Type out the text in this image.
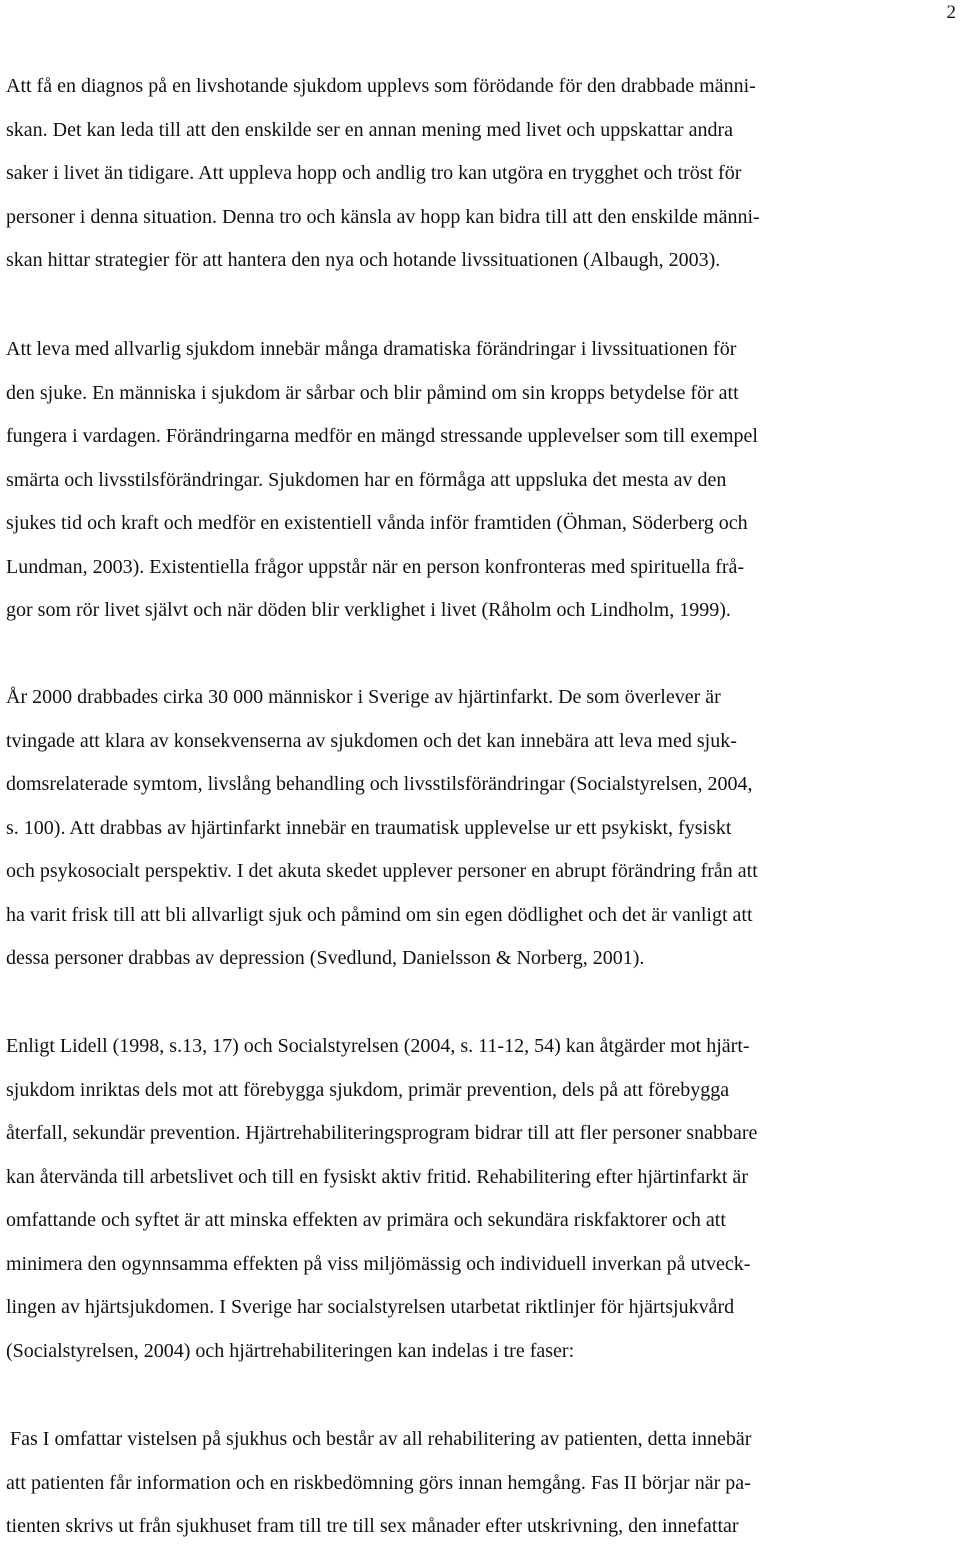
2
Att få en diagnos på en livshotande sjukdom upplevs som förödande för den drabbade männi-
skan. Det kan leda till att den enskilde ser en annan mening med livet och uppskattar andra
saker i livet än tidigare. Att uppleva hopp och andlig tro kan utgöra en trygghet och tröst för
personer i denna situation. Denna tro och känsla av hopp kan bidra till att den enskilde männi-
skan hittar strategier för att hantera den nya och hotande livssituationen (Albaugh, 2003).
Att leva med allvarlig sjukdom innebär många dramatiska förändringar i livssituationen för
den sjuke. En människa i sjukdom är sårbar och blir påmind om sin kropps betydelse för att
fungera i vardagen. Förändringarna medför en mängd stressande upplevelser som till exempel
smärta och livsstilsförändringar. Sjukdomen har en förmåga att uppsluka det mesta av den
sjukes tid och kraft och medför en existentiell vånda inför framtiden (Öhman, Söderberg och
Lundman, 2003). Existentiella frågor uppstår när en person konfronteras med spirituella frå-
gor som rör livet självt och när döden blir verklighet i livet (Råholm och Lindholm, 1999).
År 2000 drabbades cirka 30 000 människor i Sverige av hjärtinfarkt. De som överlever är
tvingade att klara av konsekvenserna av sjukdomen och det kan innebära att leva med sjuk-
domsrelaterade symtom, livslång behandling och livsstilsförändringar (Socialstyrelsen, 2004,
s. 100). Att drabbas av hjärtinfarkt innebär en traumatisk upplevelse ur ett psykiskt, fysiskt
och psykosocialt perspektiv. I det akuta skedet upplever personer en abrupt förändring från att
ha varit frisk till att bli allvarligt sjuk och påmind om sin egen dödlighet och det är vanligt att
dessa personer drabbas av depression (Svedlund, Danielsson & Norberg, 2001).
Enligt Lidell (1998, s.13, 17) och Socialstyrelsen (2004, s. 11-12, 54) kan åtgärder mot hjärt-
sjukdom inriktas dels mot att förebygga sjukdom, primär prevention, dels på att förebygga
återfall, sekundär prevention. Hjärtrehabiliteringsprogram bidrar till att fler personer snabbare
kan återvända till arbetslivet och till en fysiskt aktiv fritid. Rehabilitering efter hjärtinfarkt är
omfattande och syftet är att minska effekten av primära och sekundära riskfaktorer och att
minimera den ogynnsamma effekten på viss miljömässig och individuell inverkan på utveck-
lingen av hjärtsjukdomen. I Sverige har socialstyrelsen utarbetat riktlinjer för hjärtsjukvård
(Socialstyrelsen, 2004) och hjärtrehabiliteringen kan indelas i tre faser:
Fas I omfattar vistelsen på sjukhus och består av all rehabilitering av patienten, detta innebär
att patienten får information och en riskbedömning görs innan hemgång. Fas II börjar när pa-
tienten skrivs ut från sjukhuset fram till tre till sex månader efter utskrivning, den innefattar
